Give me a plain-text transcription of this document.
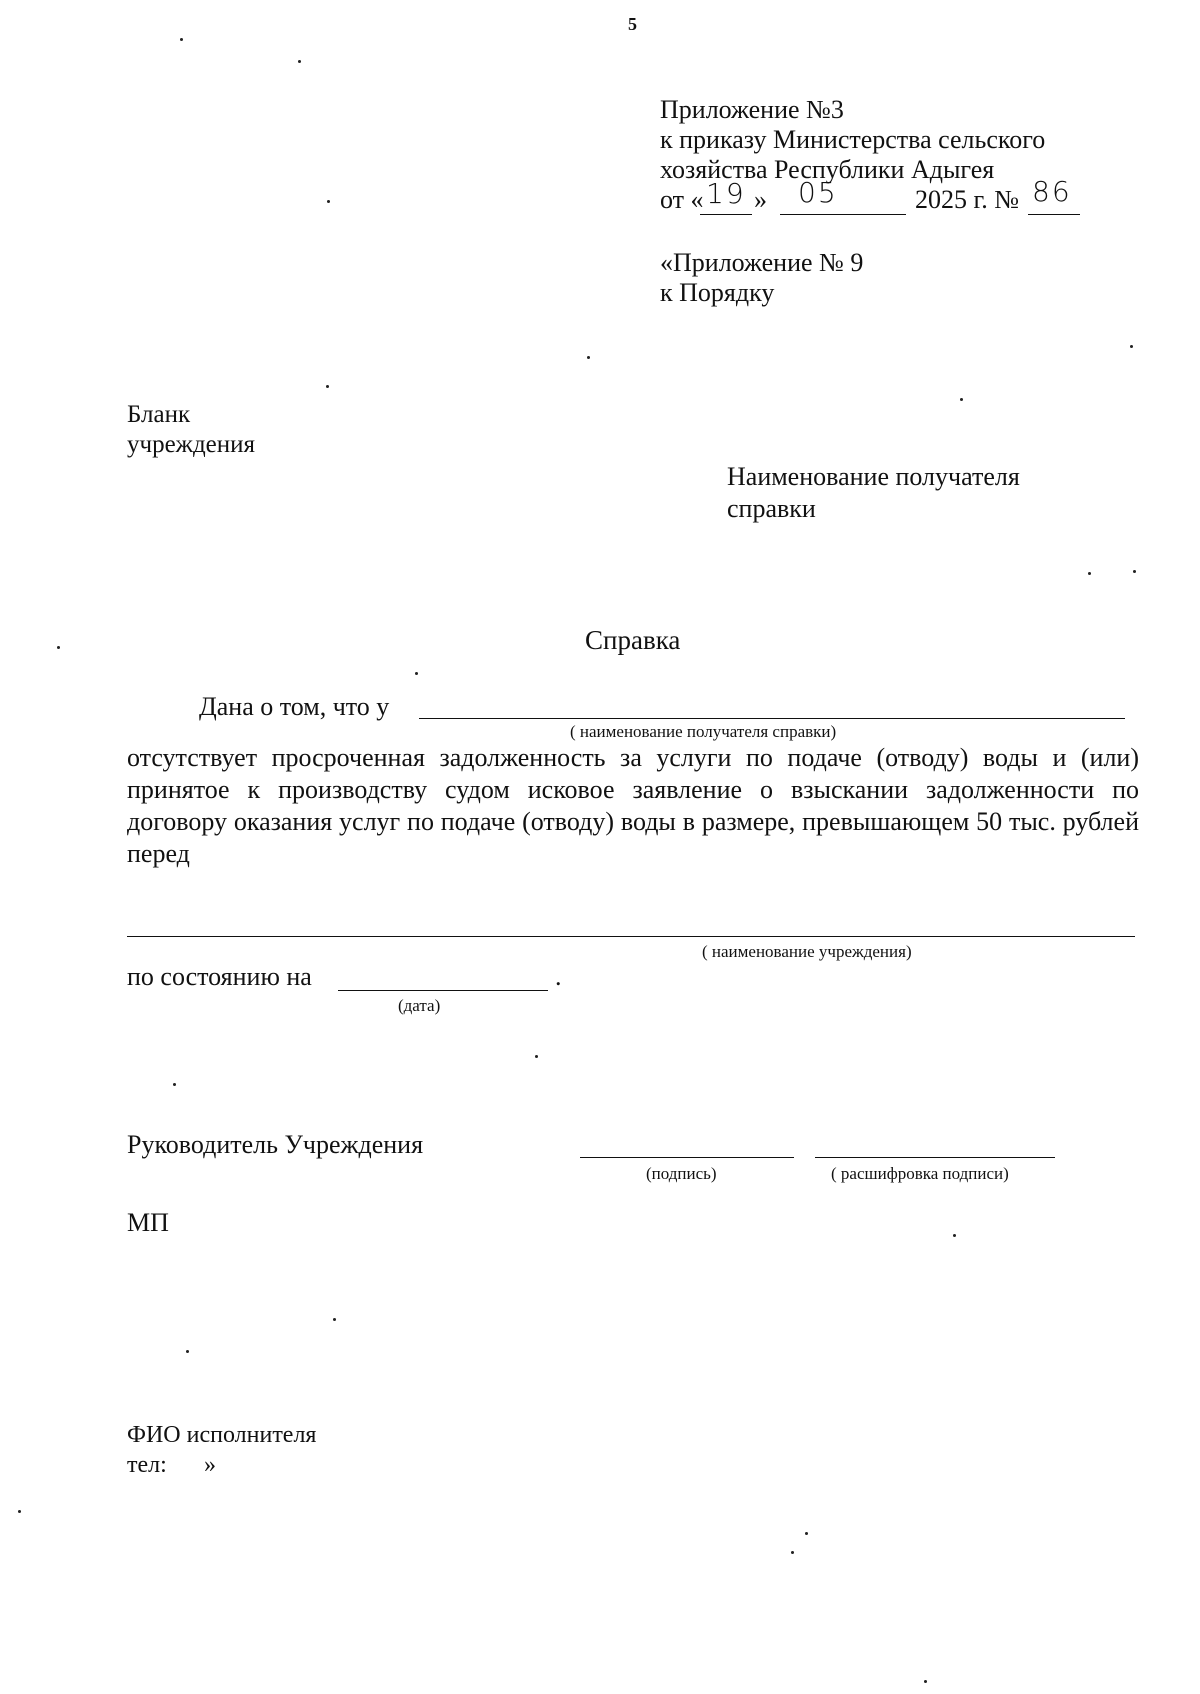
5
Приложение №3
к приказу Министерства сельского
хозяйства Республики Адыгея
от « 19 » 05	2025 г. № 86
«Приложение № 9
к Порядку
Бланк
учреждения
Наименование получателя
справки
Справка
Дана о том, что у
( наименование получателя справки)
отсутствует просроченная задолженность за услуги по подаче (отводу) воды и (или) принятое к производству судом исковое заявление о взыскании задолженности по договору оказания услуг по подаче (отводу) воды в размере, превышающем 50 тыс. рублей перед
( наименование учреждения)
по состоянию на	.
(дата)
Руководитель Учреждения
(подпись)	( расшифровка подписи)
МП
ФИО исполнителя
тел: »
